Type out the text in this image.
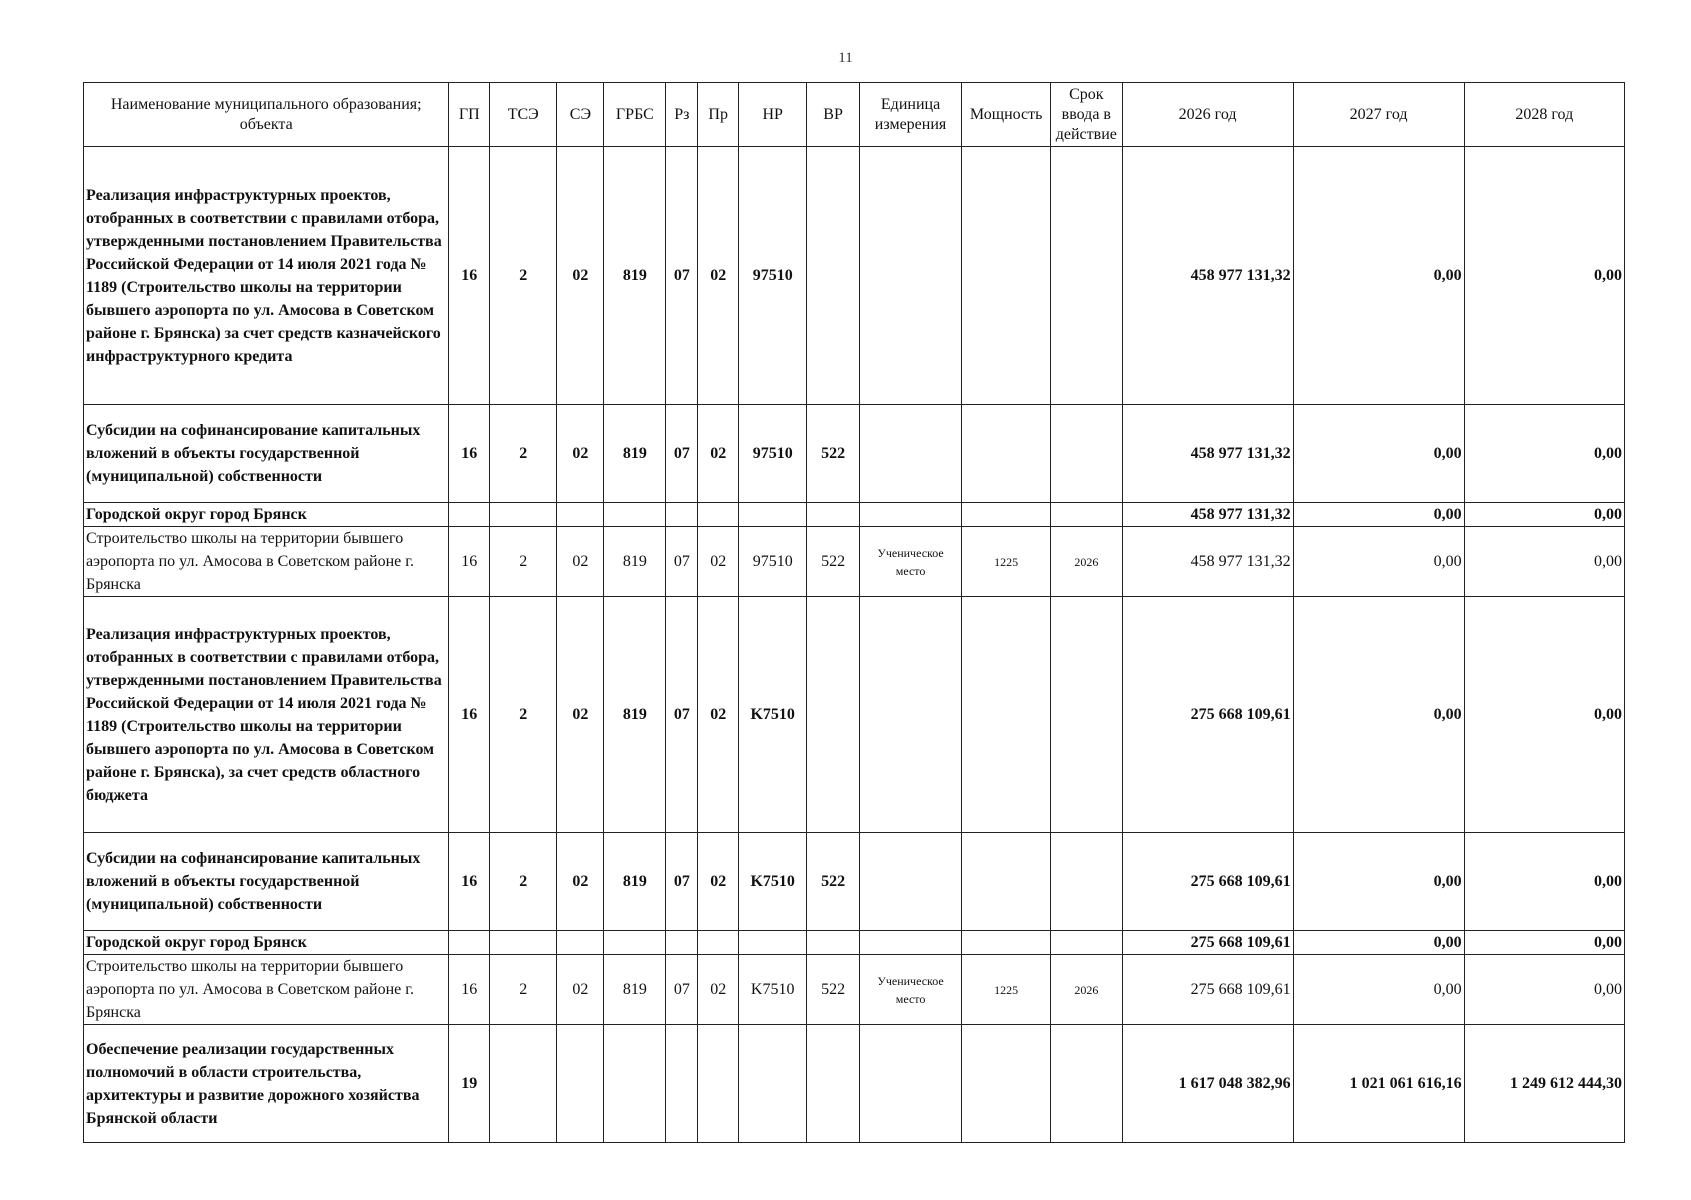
11
Наименование муниципального образования; объекта	ГП	ТСЭ	СЭ	ГРБС	Рз	Пр	НР	ВР	Единица измерения	Мощность	Срок ввода в действие	2026 год	2027 год	2028 год
Реализация инфраструктурных проектов, отобранных в соответствии с правилами отбора, утвержденными постановлением Правительства Российской Федерации от 14 июля 2021 года № 1189 (Строительство школы на территории бывшего аэропорта по ул. Амосова в Советском районе г. Брянска) за счет средств казначейского инфраструктурного кредита	16	2	02	819	07	02	97510					458 977 131,32	0,00	0,00
Субсидии на софинансирование капитальных вложений в объекты государственной (муниципальной) собственности	16	2	02	819	07	02	97510	522				458 977 131,32	0,00	0,00
Городской округ город Брянск												458 977 131,32	0,00	0,00
Строительство школы на территории бывшего аэропорта по ул. Амосова в Советском районе г. Брянска	16	2	02	819	07	02	97510	522	Ученическое место	1225	2026	458 977 131,32	0,00	0,00
Реализация инфраструктурных проектов, отобранных в соответствии с правилами отбора, утвержденными постановлением Правительства Российской Федерации от 14 июля 2021 года № 1189 (Строительство школы на территории бывшего аэропорта по ул. Амосова в Советском районе г. Брянска), за счет средств областного бюджета	16	2	02	819	07	02	K7510					275 668 109,61	0,00	0,00
Субсидии на софинансирование капитальных вложений в объекты государственной (муниципальной) собственности	16	2	02	819	07	02	K7510	522				275 668 109,61	0,00	0,00
Городской округ город Брянск												275 668 109,61	0,00	0,00
Строительство школы на территории бывшего аэропорта по ул. Амосова в Советском районе г. Брянска	16	2	02	819	07	02	K7510	522	Ученическое место	1225	2026	275 668 109,61	0,00	0,00
Обеспечение реализации государственных полномочий в области строительства, архитектуры и развитие дорожного хозяйства Брянской области	19											1 617 048 382,96	1 021 061 616,16	1 249 612 444,30
